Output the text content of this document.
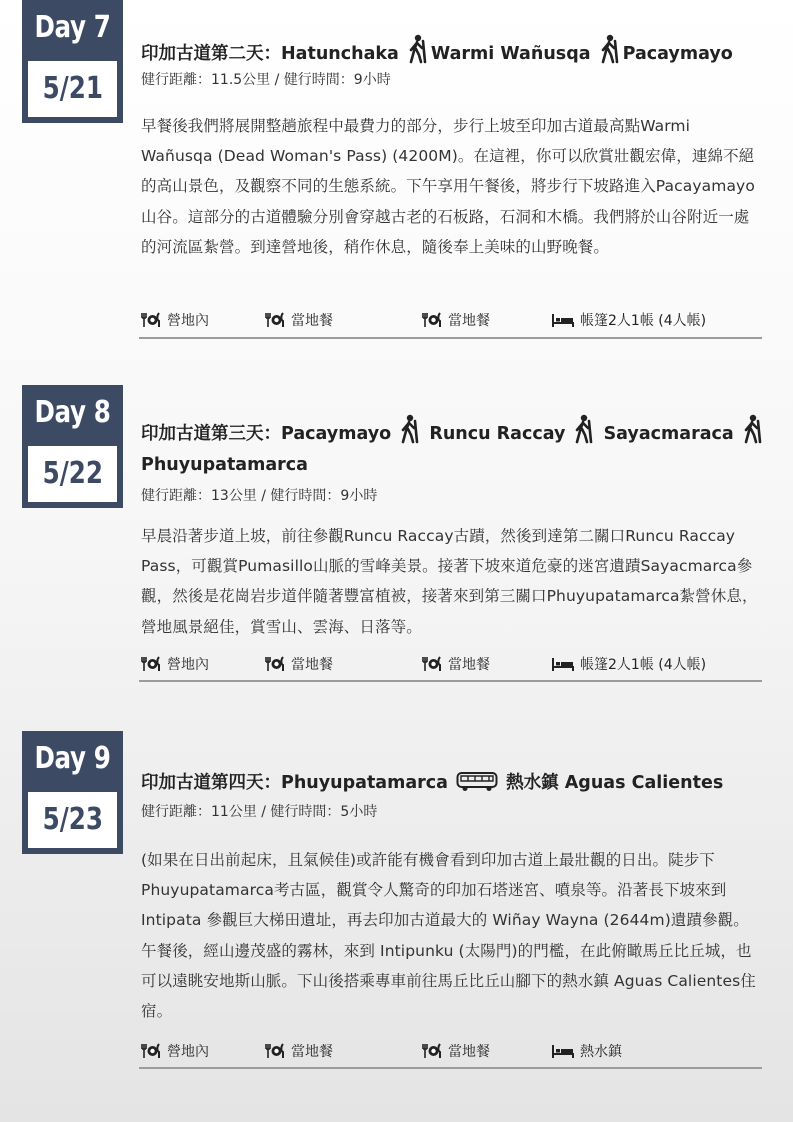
Day 7
5/21
印加古道第二天：Hatunchaka Warmi Wañusqa Pacaymayo
健行距離：11.5公里 / 健行時間：9小時
早餐後我們將展開整趟旅程中最費力的部分，步行上坡至印加古道最高點Warmi Wañusqa (Dead Woman's Pass) (4200M)。在這裡，你可以欣賞壯觀宏偉，連綿不絕的高山景色，及觀察不同的生態系統。下午享用午餐後，將步行下坡路進入Pacayamayo山谷。這部分的古道體驗分別會穿越古老的石板路，石洞和木橋。我們將於山谷附近一處的河流區紮營。到達營地後，稍作休息，隨後奉上美味的山野晚餐。
營地內	當地餐	當地餐	帳篷2人1帳 (4人帳)
Day 8
5/22
印加古道第三天：Pacaymayo Runcu Raccay Sayacmaraca
Phuyupatamarca
健行距離：13公里 / 健行時間：9小時
早晨沿著步道上坡，前往參觀Runcu Raccay古蹟，然後到達第二關口Runcu Raccay Pass，可觀賞Pumasillo山脈的雪峰美景。接著下坡來道危豪的迷宮遺蹟Sayacmarca參觀，然後是花崗岩步道伴隨著豐富植被，接著來到第三關口Phuyupatamarca紮營休息，營地風景絕佳，賞雪山、雲海、日落等。
營地內	當地餐	當地餐	帳篷2人1帳 (4人帳)
Day 9
5/23
印加古道第四天：Phuyupatamarca	熱水鎮 Aguas Calientes
健行距離：11公里 / 健行時間：5小時
(如果在日出前起床，且氣候佳)或許能有機會看到印加古道上最壯觀的日出。陡步下 Phuyupatamarca考古區，觀賞令人驚奇的印加石塔迷宮、噴泉等。沿著長下坡來到Intipata 參觀巨大梯田遺址，再去印加古道最大的 Wiñay Wayna (2644m)遺蹟參觀。午餐後，經山邊茂盛的霧林，來到 Intipunku (太陽門)的門檻，在此俯瞰馬丘比丘城，也可以遠眺安地斯山脈。下山後搭乘專車前往馬丘比丘山腳下的熱水鎮 Aguas Calientes住宿。
營地內	當地餐	當地餐	熱水鎮
